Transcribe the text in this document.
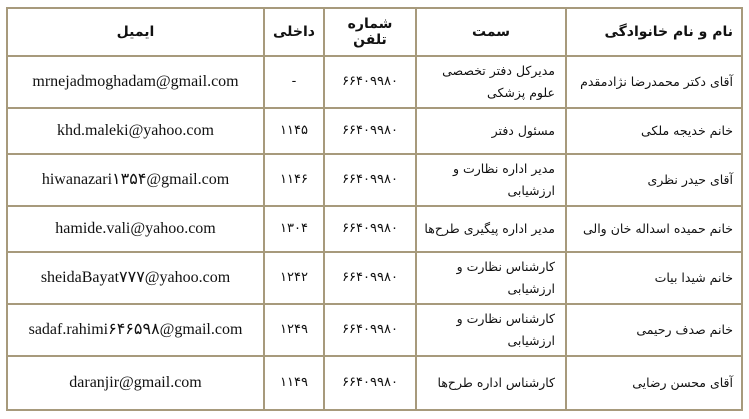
نام و نام خانوادگی	سمت	شماره تلفن	داخلی	ایمیل
آقای دکتر محمدرضا نژادمقدم	مدیرکل دفتر تخصصی علوم پزشکی	۶۶۴۰۹۹۸۰	-	mrnejadmoghadam@gmail.com
خانم خدیجه ملکی	مسئول دفتر	۶۶۴۰۹۹۸۰	۱۱۴۵	khd.maleki@yahoo.com
آقای حیدر نظری	مدیر اداره نظارت و ارزشیابی	۶۶۴۰۹۹۸۰	۱۱۴۶	hiwanazari۱۳۵۴@gmail.com
خانم حمیده اسداله خان والی	مدیر اداره پیگیری طرح‌ها	۶۶۴۰۹۹۸۰	۱۳۰۴	hamide.vali@yahoo.com
خانم شیدا بیات	کارشناس نظارت و ارزشیابی	۶۶۴۰۹۹۸۰	۱۲۴۲	sheidaBayat۷۷۷@yahoo.com
خانم صدف رحیمی	کارشناس نظارت و ارزشیابی	۶۶۴۰۹۹۸۰	۱۲۴۹	sadaf.rahimi۶۴۶۵۹۸@gmail.com
آقای محسن رضایی	کارشناس اداره طرح‌ها	۶۶۴۰۹۹۸۰	۱۱۴۹	daranjir@gmail.com
